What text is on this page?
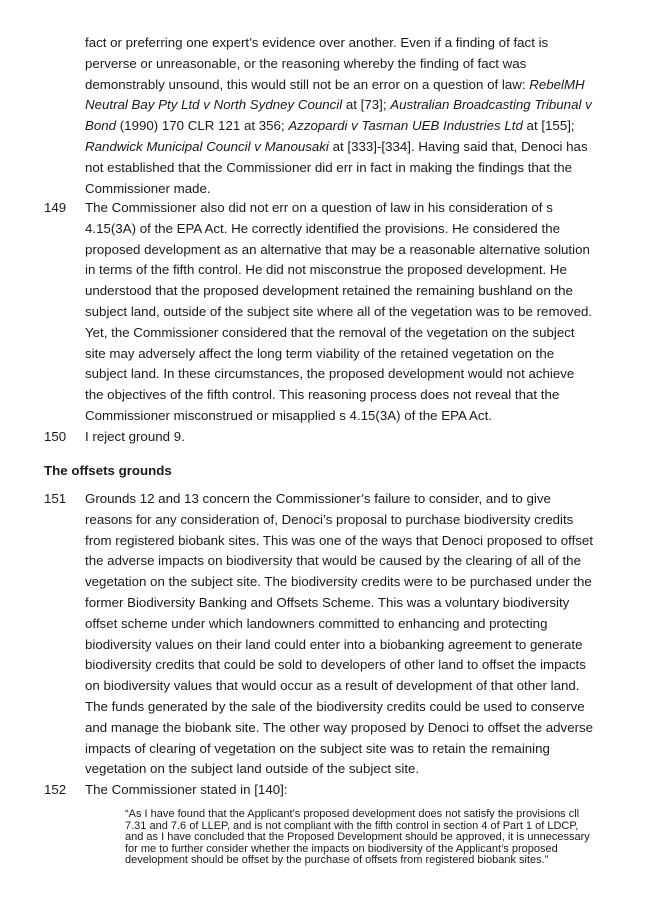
fact or preferring one expert’s evidence over another. Even if a finding of fact is perverse or unreasonable, or the reasoning whereby the finding of fact was demonstrably unsound, this would still not be an error on a question of law: RebelMH Neutral Bay Pty Ltd v North Sydney Council at [73]; Australian Broadcasting Tribunal v Bond (1990) 170 CLR 121 at 356; Azzopardi v Tasman UEB Industries Ltd at [155]; Randwick Municipal Council v Manousaki at [333]-[334]. Having said that, Denoci has not established that the Commissioner did err in fact in making the findings that the Commissioner made.
149 The Commissioner also did not err on a question of law in his consideration of s 4.15(3A) of the EPA Act. He correctly identified the provisions. He considered the proposed development as an alternative that may be a reasonable alternative solution in terms of the fifth control. He did not misconstrue the proposed development. He understood that the proposed development retained the remaining bushland on the subject land, outside of the subject site where all of the vegetation was to be removed. Yet, the Commissioner considered that the removal of the vegetation on the subject site may adversely affect the long term viability of the retained vegetation on the subject land. In these circumstances, the proposed development would not achieve the objectives of the fifth control. This reasoning process does not reveal that the Commissioner misconstrued or misapplied s 4.15(3A) of the EPA Act.
150 I reject ground 9.
The offsets grounds
151 Grounds 12 and 13 concern the Commissioner’s failure to consider, and to give reasons for any consideration of, Denoci’s proposal to purchase biodiversity credits from registered biobank sites. This was one of the ways that Denoci proposed to offset the adverse impacts on biodiversity that would be caused by the clearing of all of the vegetation on the subject site. The biodiversity credits were to be purchased under the former Biodiversity Banking and Offsets Scheme. This was a voluntary biodiversity offset scheme under which landowners committed to enhancing and protecting biodiversity values on their land could enter into a biobanking agreement to generate biodiversity credits that could be sold to developers of other land to offset the impacts on biodiversity values that would occur as a result of development of that other land. The funds generated by the sale of the biodiversity credits could be used to conserve and manage the biobank site. The other way proposed by Denoci to offset the adverse impacts of clearing of vegetation on the subject site was to retain the remaining vegetation on the subject land outside of the subject site.
152 The Commissioner stated in [140]:
“As I have found that the Applicant’s proposed development does not satisfy the provisions cll 7.31 and 7.6 of LLEP, and is not compliant with the fifth control in section 4 of Part 1 of LDCP, and as I have concluded that the Proposed Development should be approved, it is unnecessary for me to further consider whether the impacts on biodiversity of the Applicant’s proposed development should be offset by the purchase of offsets from registered biobank sites.”
